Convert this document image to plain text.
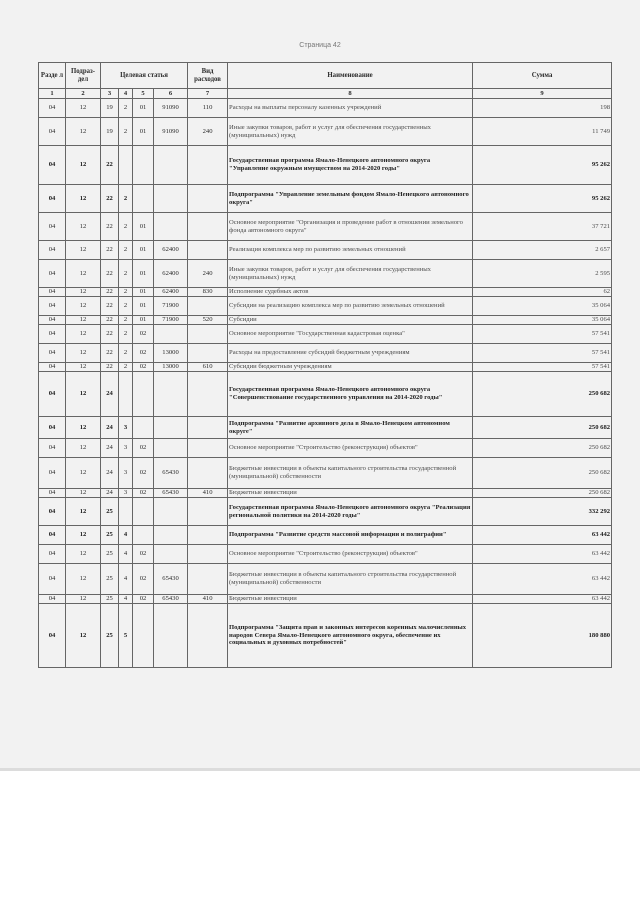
Страница 42
Разде л	Подраз- дел	Целевая статья				Вид расходов	Наименование	Сумма
1	2	3	4	5	6	7	8	9
04	12	19	2	01	91090	110	Расходы на выплаты персоналу казенных учреждений	198
04	12	19	2	01	91090	240	Иные закупки товаров, работ и услуг для обеспечения государственных (муниципальных) нужд	11 749
04	12	22					Государственная программа Ямало-Ненецкого автономного округа "Управление окружным имуществом на 2014-2020 годы"	95 262
04	12	22	2				Подпрограмма "Управление земельным фондом Ямало-Ненецкого автономного округа"	95 262
04	12	22	2	01			Основное мероприятие "Организация и проведение работ в отношении земельного фонда автономного округа"	37 721
04	12	22	2	01	62400		Реализация комплекса мер по развитию земельных отношений	2 657
04	12	22	2	01	62400	240	Иные закупки товаров, работ и услуг для обеспечения государственных (муниципальных) нужд	2 595
04	12	22	2	01	62400	830	Исполнение судебных актов	62
04	12	22	2	01	71900		Субсидии на реализацию комплекса мер по развитию земельных отношений	35 064
04	12	22	2	01	71900	520	Субсидии	35 064
04	12	22	2	02			Основное мероприятие "Государственная кадастровая оценка"	57 541
04	12	22	2	02	13000		Расходы на предоставление субсидий бюджетным учреждениям	57 541
04	12	22	2	02	13000	610	Субсидии бюджетным учреждениям	57 541
04	12	24					Государственная программа Ямало-Ненецкого автономного округа "Совершенствование государственного управления на 2014-2020 годы"	250 682
04	12	24	3				Подпрограмма "Развитие архивного дела в Ямало-Ненецком автономном округе"	250 682
04	12	24	3	02			Основное мероприятие "Строительство (реконструкция) объектов"	250 682
04	12	24	3	02	65430		Бюджетные инвестиции в объекты капитального строительства государственной (муниципальной) собственности	250 682
04	12	24	3	02	65430	410	Бюджетные инвестиции	250 682
04	12	25					Государственная программа Ямало-Ненецкого автономного округа "Реализация региональной политики на 2014-2020 годы"	332 292
04	12	25	4				Подпрограмма "Развитие средств массовой информации и полиграфии"	63 442
04	12	25	4	02			Основное мероприятие "Строительство (реконструкция) объектов"	63 442
04	12	25	4	02	65430		Бюджетные инвестиции в объекты капитального строительства государственной (муниципальной) собственности	63 442
04	12	25	4	02	65430	410	Бюджетные инвестиции	63 442
04	12	25	5				Подпрограмма "Защита прав и законных интересов коренных малочисленных народов Севера Ямало-Ненецкого автономного округа, обеспечение их социальных и духовных потребностей"	180 880
